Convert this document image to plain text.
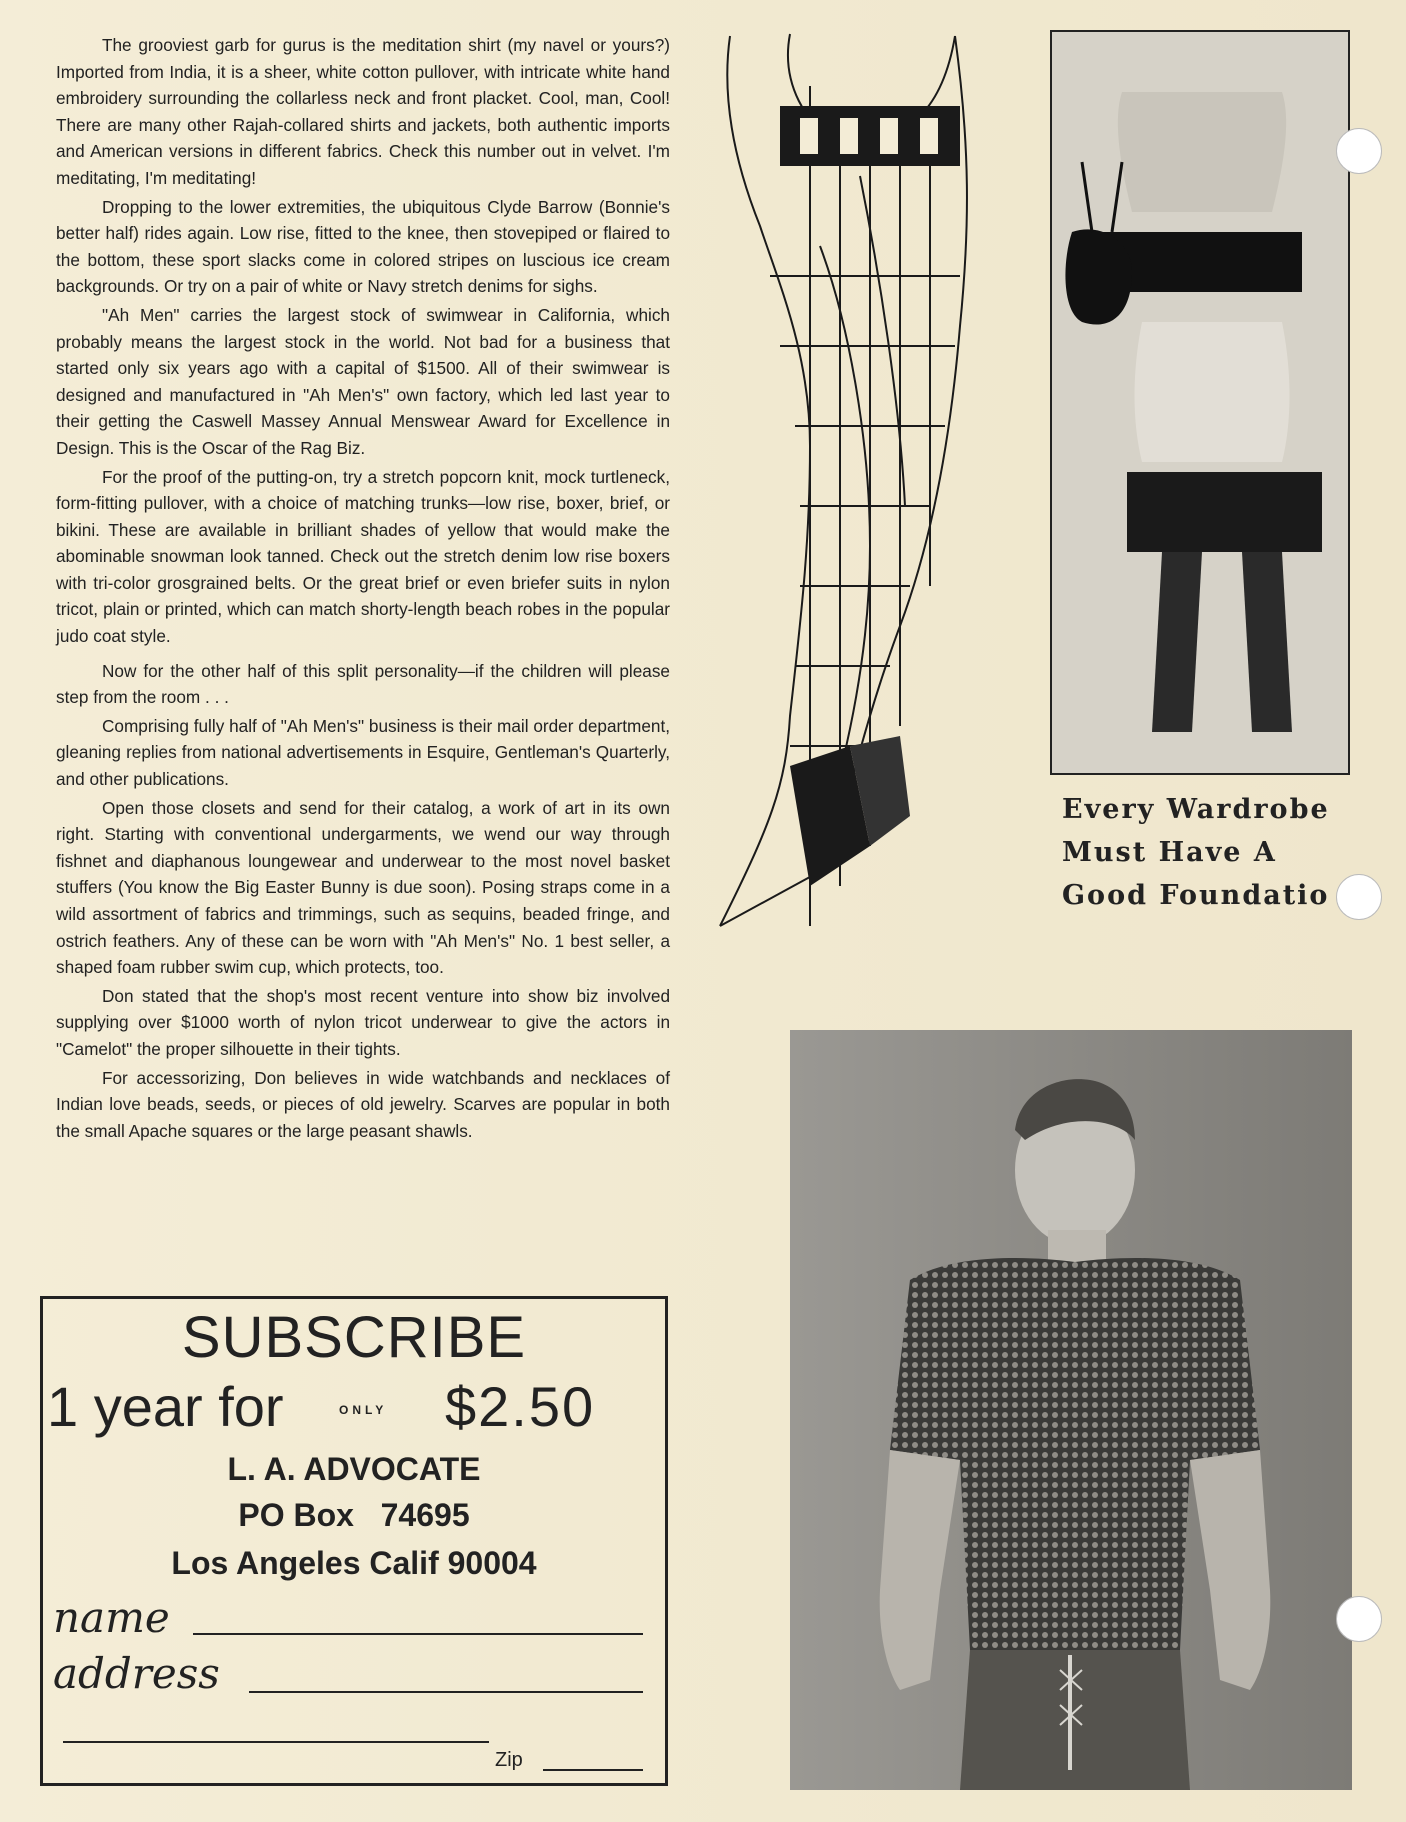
The grooviest garb for gurus is the meditation shirt (my navel or yours?) Imported from India, it is a sheer, white cotton pullover, with intricate white hand embroidery surrounding the collarless neck and front placket. Cool, man, Cool! There are many other Rajah-collared shirts and jackets, both authentic imports and American versions in different fabrics. Check this number out in velvet. I'm meditating, I'm meditating!

Dropping to the lower extremities, the ubiquitous Clyde Barrow (Bonnie's better half) rides again. Low rise, fitted to the knee, then stovepiped or flaired to the bottom, these sport slacks come in colored stripes on luscious ice cream backgrounds. Or try on a pair of white or Navy stretch denims for sighs.

"Ah Men" carries the largest stock of swimwear in California, which probably means the largest stock in the world. Not bad for a business that started only six years ago with a capital of $1500. All of their swimwear is designed and manufactured in "Ah Men's" own factory, which led last year to their getting the Caswell Massey Annual Menswear Award for Excellence in Design. This is the Oscar of the Rag Biz.

For the proof of the putting-on, try a stretch popcorn knit, mock turtleneck, form-fitting pullover, with a choice of matching trunks—low rise, boxer, brief, or bikini. These are available in brilliant shades of yellow that would make the abominable snowman look tanned. Check out the stretch denim low rise boxers with tri-color grosgrained belts. Or the great brief or even briefer suits in nylon tricot, plain or printed, which can match shorty-length beach robes in the popular judo coat style.

Now for the other half of this split personality—if the children will please step from the room . . .

Comprising fully half of "Ah Men's" business is their mail order department, gleaning replies from national advertisements in Esquire, Gentleman's Quarterly, and other publications.

Open those closets and send for their catalog, a work of art in its own right. Starting with conventional undergarments, we wend our way through fishnet and diaphanous loungewear and underwear to the most novel basket stuffers (You know the Big Easter Bunny is due soon). Posing straps come in a wild assortment of fabrics and trimmings, such as sequins, beaded fringe, and ostrich feathers. Any of these can be worn with "Ah Men's" No. 1 best seller, a shaped foam rubber swim cup, which protects, too.

Don stated that the shop's most recent venture into show biz involved supplying over $1000 worth of nylon tricot underwear to give the actors in "Camelot" the proper silhouette in their tights.

For accessorizing, Don believes in wide watchbands and necklaces of Indian love beads, seeds, or pieces of old jewelry. Scarves are popular in both the small Apache squares or the large peasant shawls.

SUBSCRIBE
1 year for	ONLY $2.50
L. A. ADVOCATE
PO Box   74695
Los Angeles Calif 90004
name
address
Zip
Every Wardrobe
Must Have A
Good Foundatio
